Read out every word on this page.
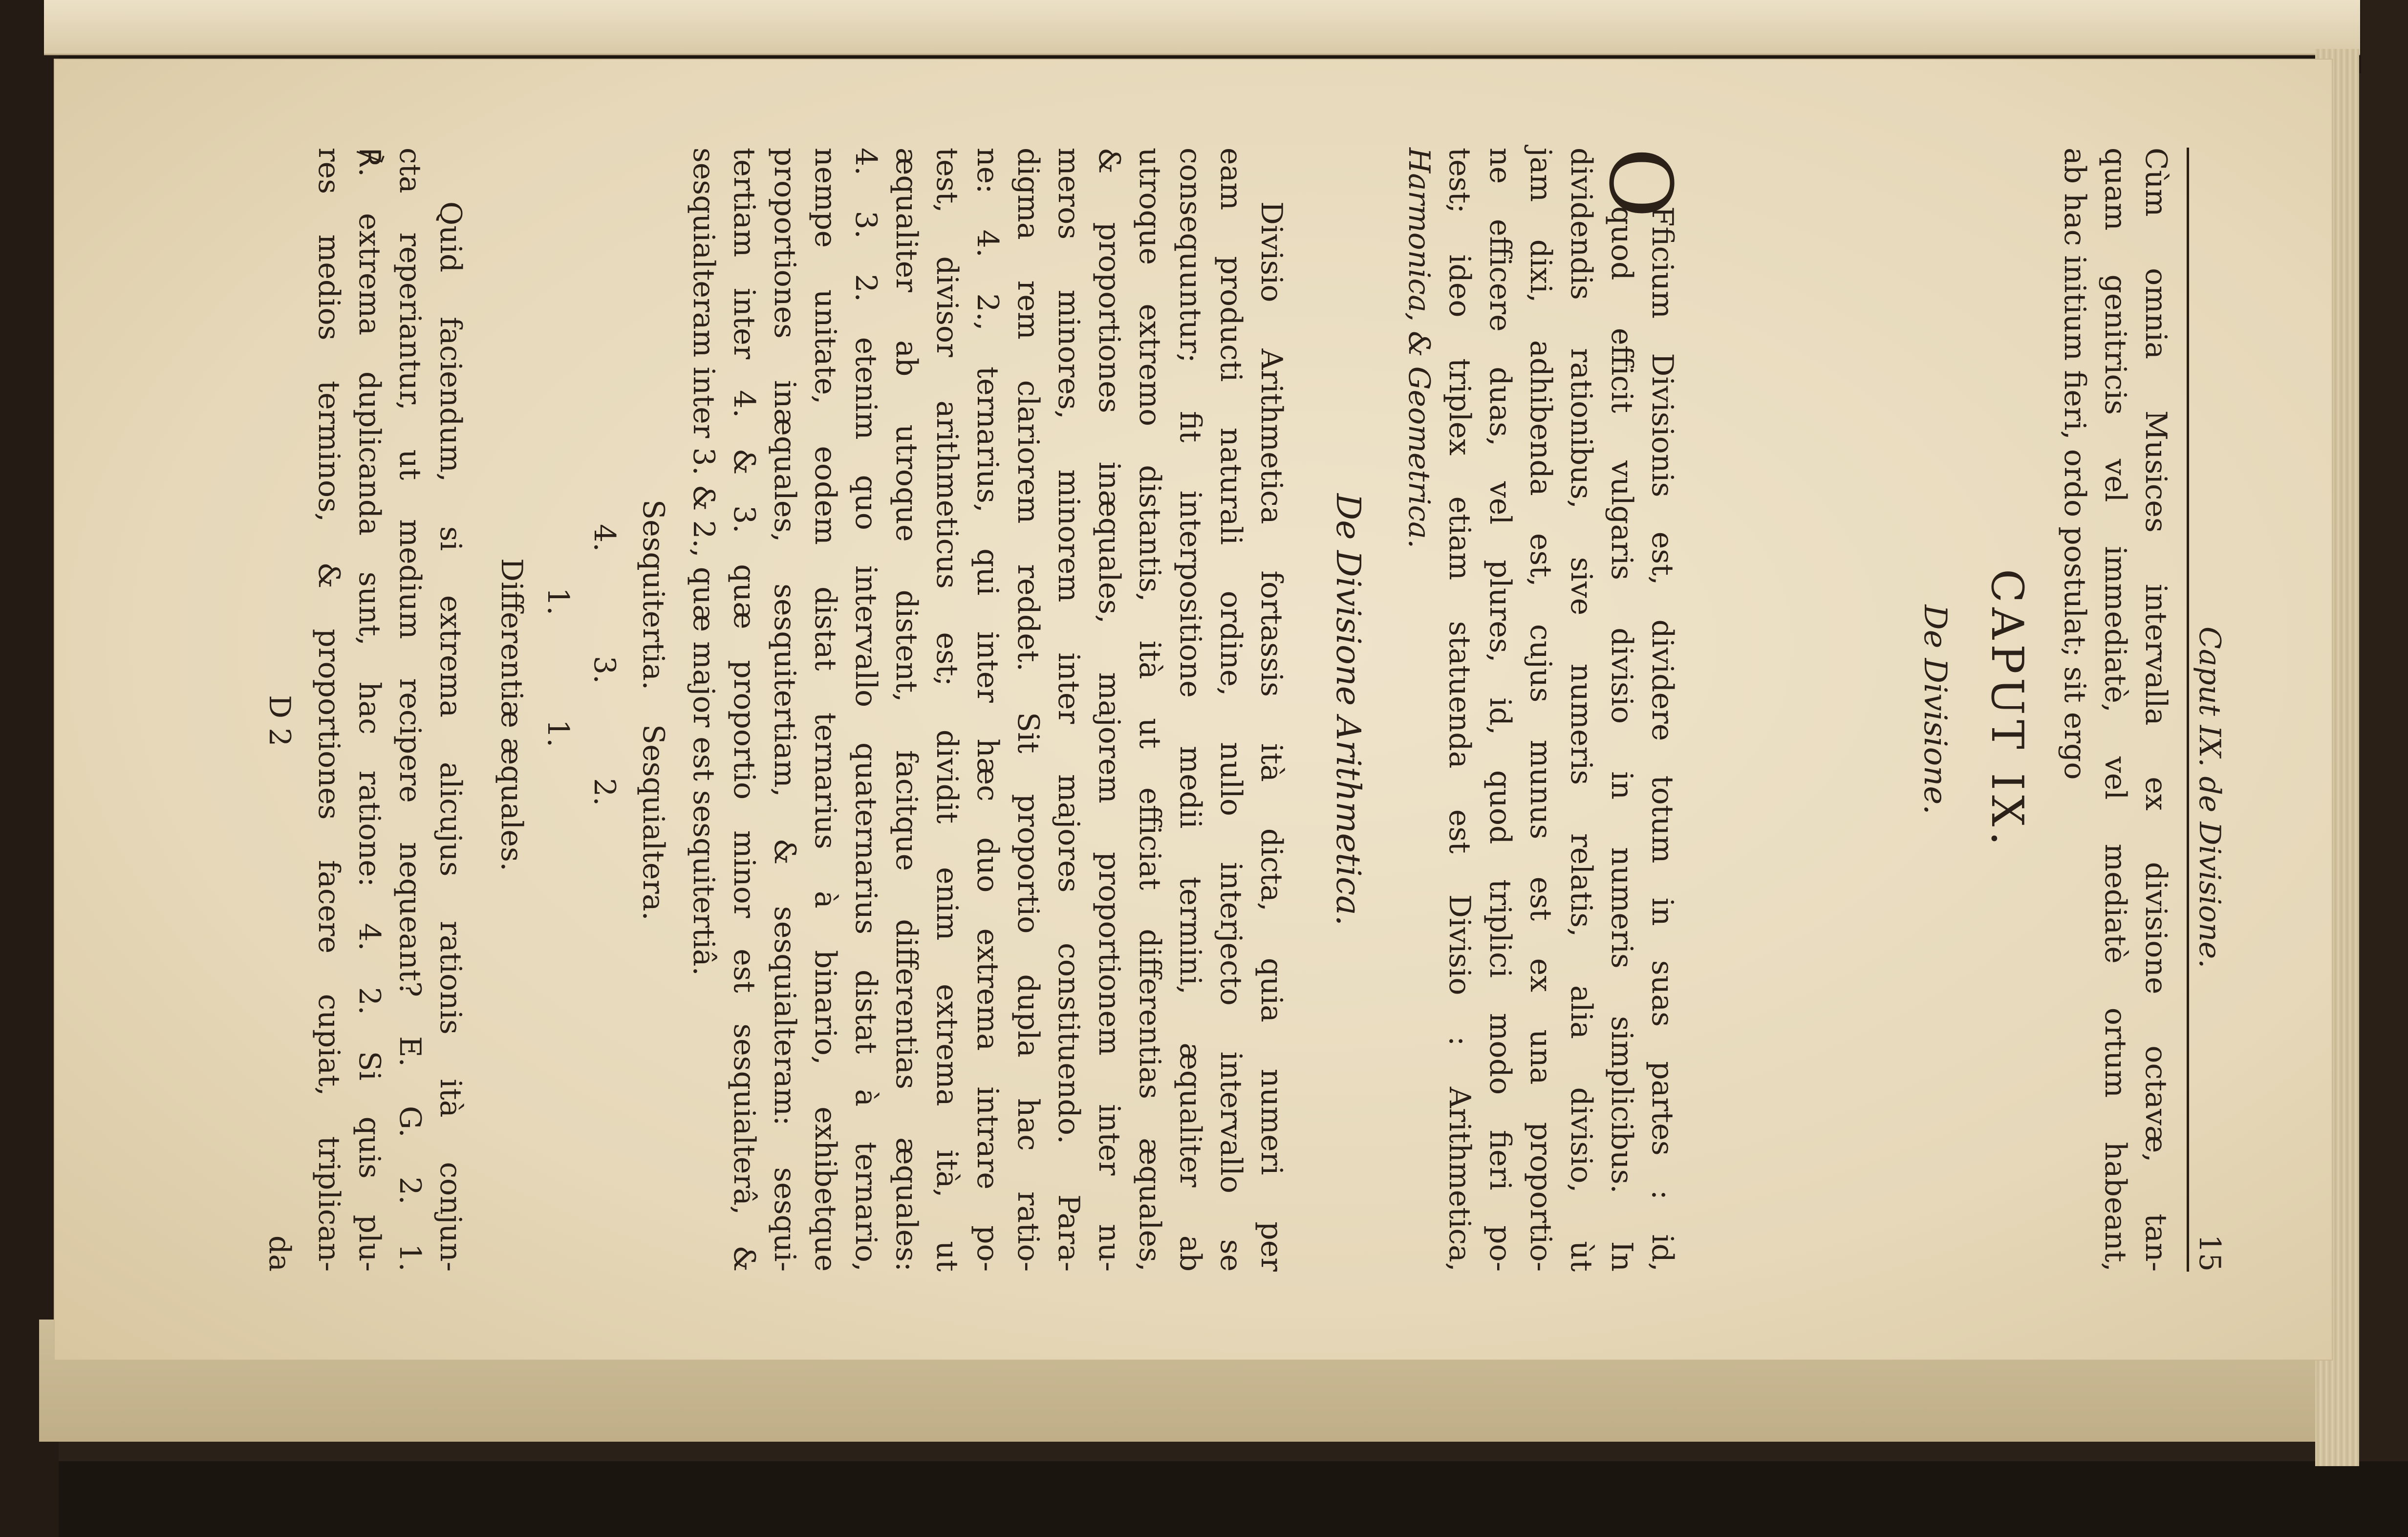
Caput IX. de Divisione.
15
Cùm omnia Musices intervalla ex divisione octavæ, tan-
quam genitricis vel immediatè, vel mediatè ortum habeant,
ab hac initium fieri, ordo postulat; sit ergo
CAPUT IX.
De Divisione.
O
Fficium Divisionis est, dividere totum in suas partes : id,
quod efficit vulgaris divisio in numeris simplicibus. In
dividendis rationibus, sive numeris relatis, alia divisio, ùt
jam dixi, adhibenda est, cujus munus est ex una proportio-
ne efficere duas, vel plures, id, quod triplici modo fieri po-
test; ideo triplex etiam statuenda est Divisio : Arithmetica,
Harmonica, & Geometrica.
De Divisione Arithmetica.
Divisio Arithmetica fortassis ità dicta, quia numeri per
eam producti naturali ordine, nullo interjecto intervallo se
consequuntur; fit interpositione medii termini, æqualiter ab
utroque extremo distantis, ità ut efficiat differentias æquales,
& proportiones inæquales, majorem proportionem inter nu-
meros minores, minorem inter majores constituendo. Para-
digma rem clariorem reddet. Sit proportio dupla hac ratio-
ne: 4. 2., ternarius, qui inter hæc duo extrema intrare po-
test, divisor arithmeticus est; dividit enim extrema ità, ut
æqualiter ab utroque distent, facitque differentias æquales:
4. 3. 2. etenim quo intervallo quaternarius distat à ternario,
nempe unitate, eodem distat ternarius à binario, exhibetque
proportiones inæquales, sesquitertiam, & sesquialteram: sesqui-
tertiam inter 4. & 3. quæ proportio minor est sesquialterâ, &
sesquialteram inter 3. & 2., quæ major est sesquitertiâ.
Sesquitertia.
Sesquialtera.
4.
3.
2.
1.
1.
Differentiæ æquales.
Quid faciendum, si extrema alicujus rationis ità conjun-
cta reperiantur, ut medium recipere nequeant? E. G. 2. 1.
℟. extrema duplicanda sunt, hac ratione: 4. 2. Si quis plu-
res medios terminos, & proportiones facere cupiat, triplican-
D 2
da
